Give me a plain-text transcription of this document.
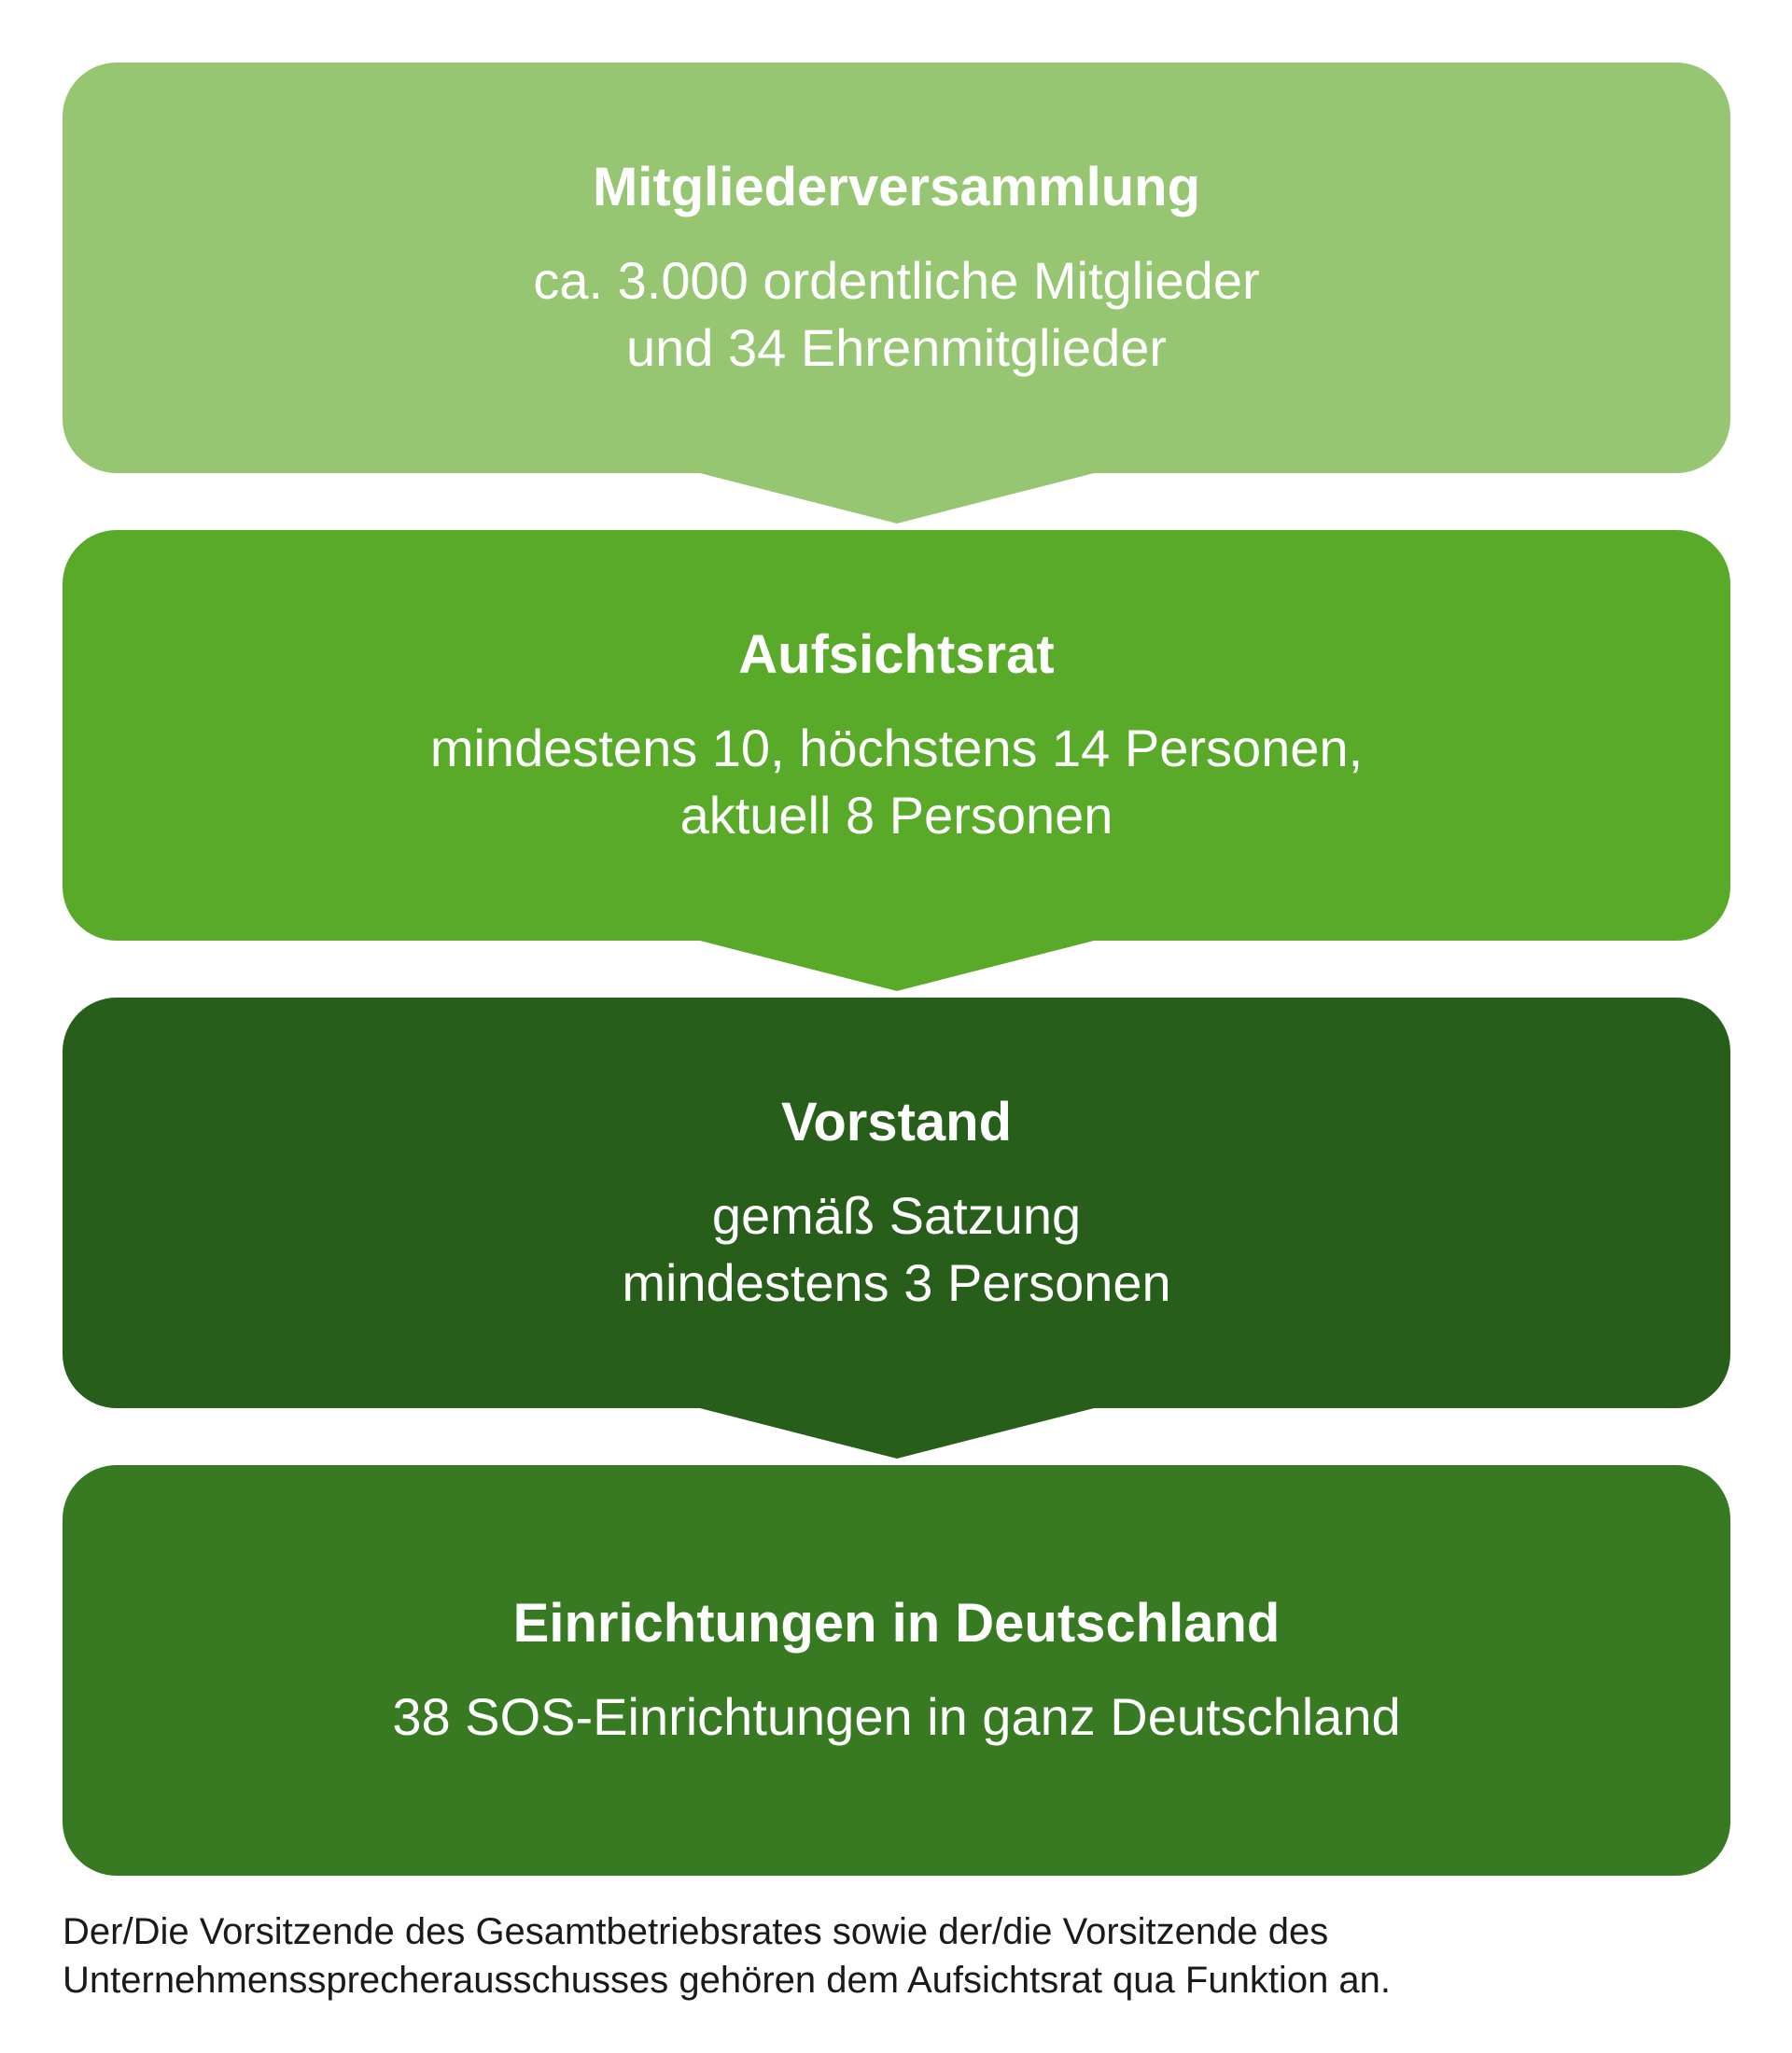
Mitgliederversammlung
ca. 3.000 ordentliche Mitglieder
und 34 Ehrenmitglieder
Aufsichtsrat
mindestens 10, höchstens 14 Personen,
aktuell 8 Personen
Vorstand
gemäß Satzung
mindestens 3 Personen
Einrichtungen in Deutschland
38 SOS-Einrichtungen in ganz Deutschland
Der/Die Vorsitzende des Gesamtbetriebsrates sowie der/die Vorsitzende des
Unternehmenssprecherausschusses gehören dem Aufsichtsrat qua Funktion an.
